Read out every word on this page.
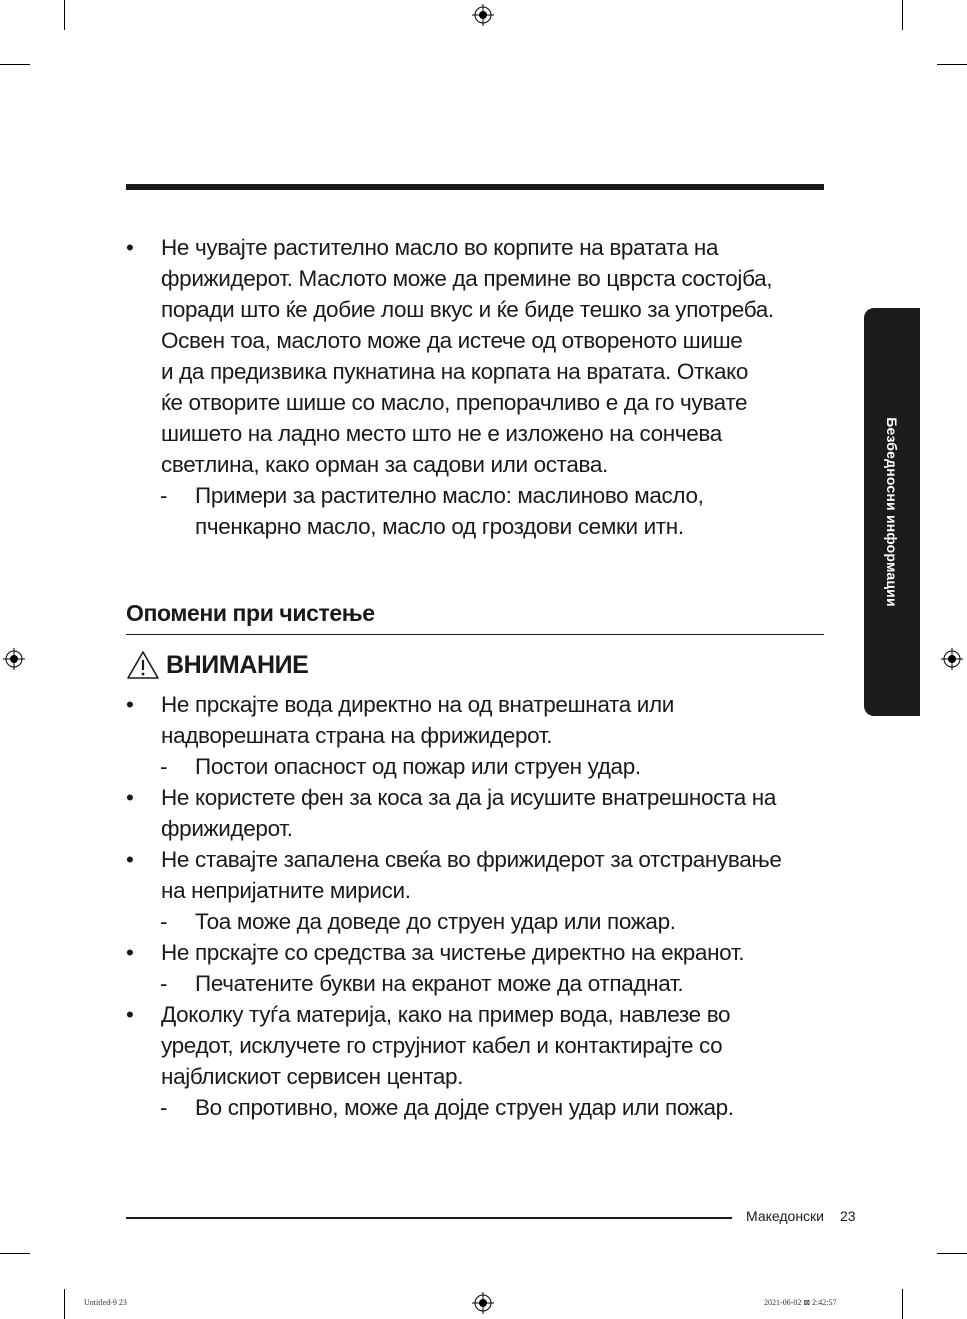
Безбедносни информации
• Не чувајте растително масло во корпите на вратата на
фрижидерот. Маслото може да премине во цврста состојба,
поради што ќе добие лош вкус и ќе биде тешко за употреба.
Освен тоа, маслото може да истече од отвореното шише
и да предизвика пукнатина на корпата на вратата. Откако
ќе отворите шише со масло, препорачливо е да го чувате
шишето на ладно место што не е изложено на сончева
светлина, како орман за садови или остава.
- Примери за растително масло: маслиново масло,
пченкарно масло, масло од гроздови семки итн.
Опомени при чистење
ВНИМАНИЕ
• Не прскајте вода директно на од внатрешната или
надворешната страна на фрижидерот.
- Постои опасност од пожар или струен удар.
• Не користете фен за коса за да ја исушите внатрешноста на
фрижидерот.
• Не ставајте запалена свеќа во фрижидерот за отстранување
на непријатните мириси.
- Тоа може да доведе до струен удар или пожар.
• Не прскајте со средства за чистење директно на екранот.
- Печатените букви на екранот може да отпаднат.
• Доколку туѓа материја, како на пример вода, навлезе во
уредот, исклучете го струјниот кабел и контактирајте со
најблискиот сервисен центар.
- Во спротивно, може да дојде струен удар или пожар.
Македонски 23
Untitled-9 23	2021-06-02 ⊠ 2:42:57
